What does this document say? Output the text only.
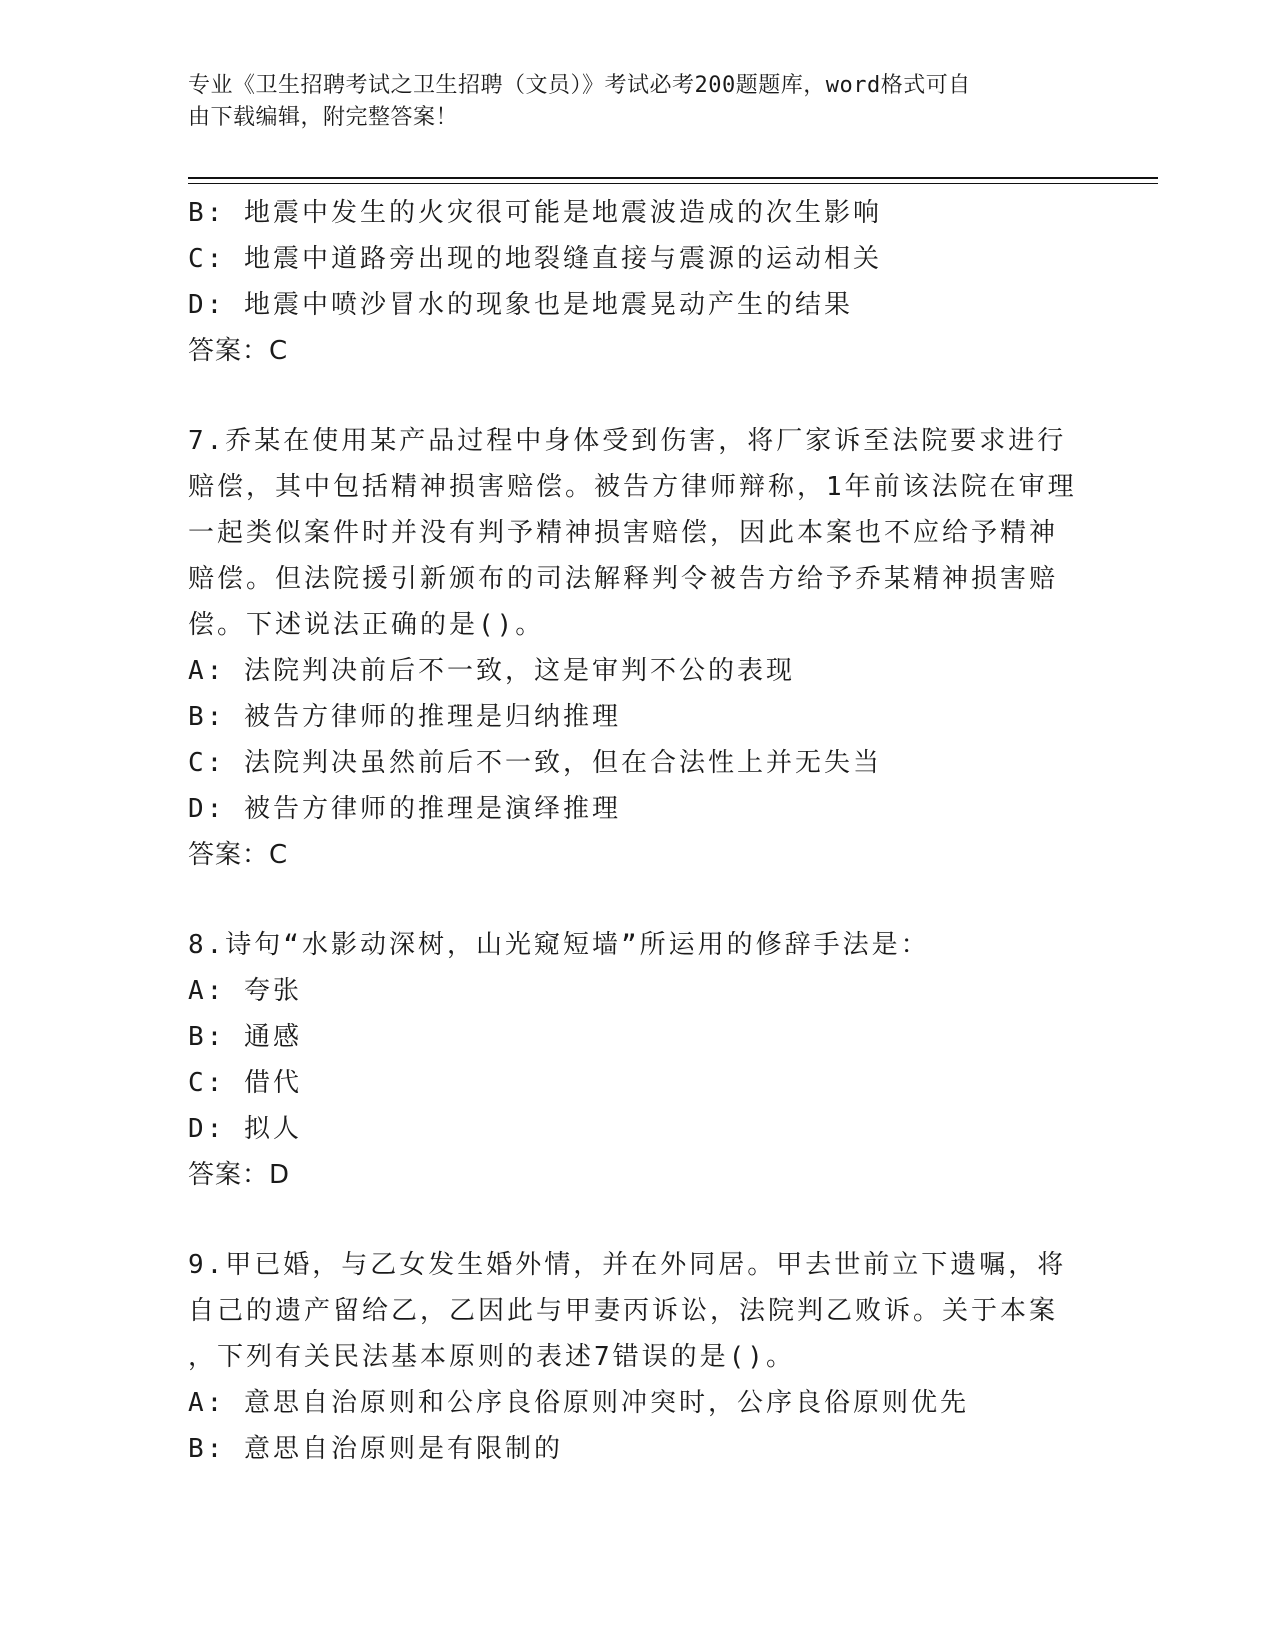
专业《卫生招聘考试之卫生招聘（文员）》考试必考200题题库，word格式可自
由下载编辑，附完整答案！
B: 地震中发生的火灾很可能是地震波造成的次生影响
C: 地震中道路旁出现的地裂缝直接与震源的运动相关
D: 地震中喷沙冒水的现象也是地震晃动产生的结果
答案：C
7.乔某在使用某产品过程中身体受到伤害，将厂家诉至法院要求进行
赔偿，其中包括精神损害赔偿。被告方律师辩称，1年前该法院在审理
一起类似案件时并没有判予精神损害赔偿，因此本案也不应给予精神
赔偿。但法院援引新颁布的司法解释判令被告方给予乔某精神损害赔
偿。下述说法正确的是()。
A: 法院判决前后不一致，这是审判不公的表现
B: 被告方律师的推理是归纳推理
C: 法院判决虽然前后不一致，但在合法性上并无失当
D: 被告方律师的推理是演绎推理
答案：C
8.诗句“水影动深树，山光窥短墙”所运用的修辞手法是：
A: 夸张
B: 通感
C: 借代
D: 拟人
答案：D
9.甲已婚，与乙女发生婚外情，并在外同居。甲去世前立下遗嘱，将
自己的遗产留给乙，乙因此与甲妻丙诉讼，法院判乙败诉。关于本案
，下列有关民法基本原则的表述7错误的是()。
A: 意思自治原则和公序良俗原则冲突时，公序良俗原则优先
B: 意思自治原则是有限制的
